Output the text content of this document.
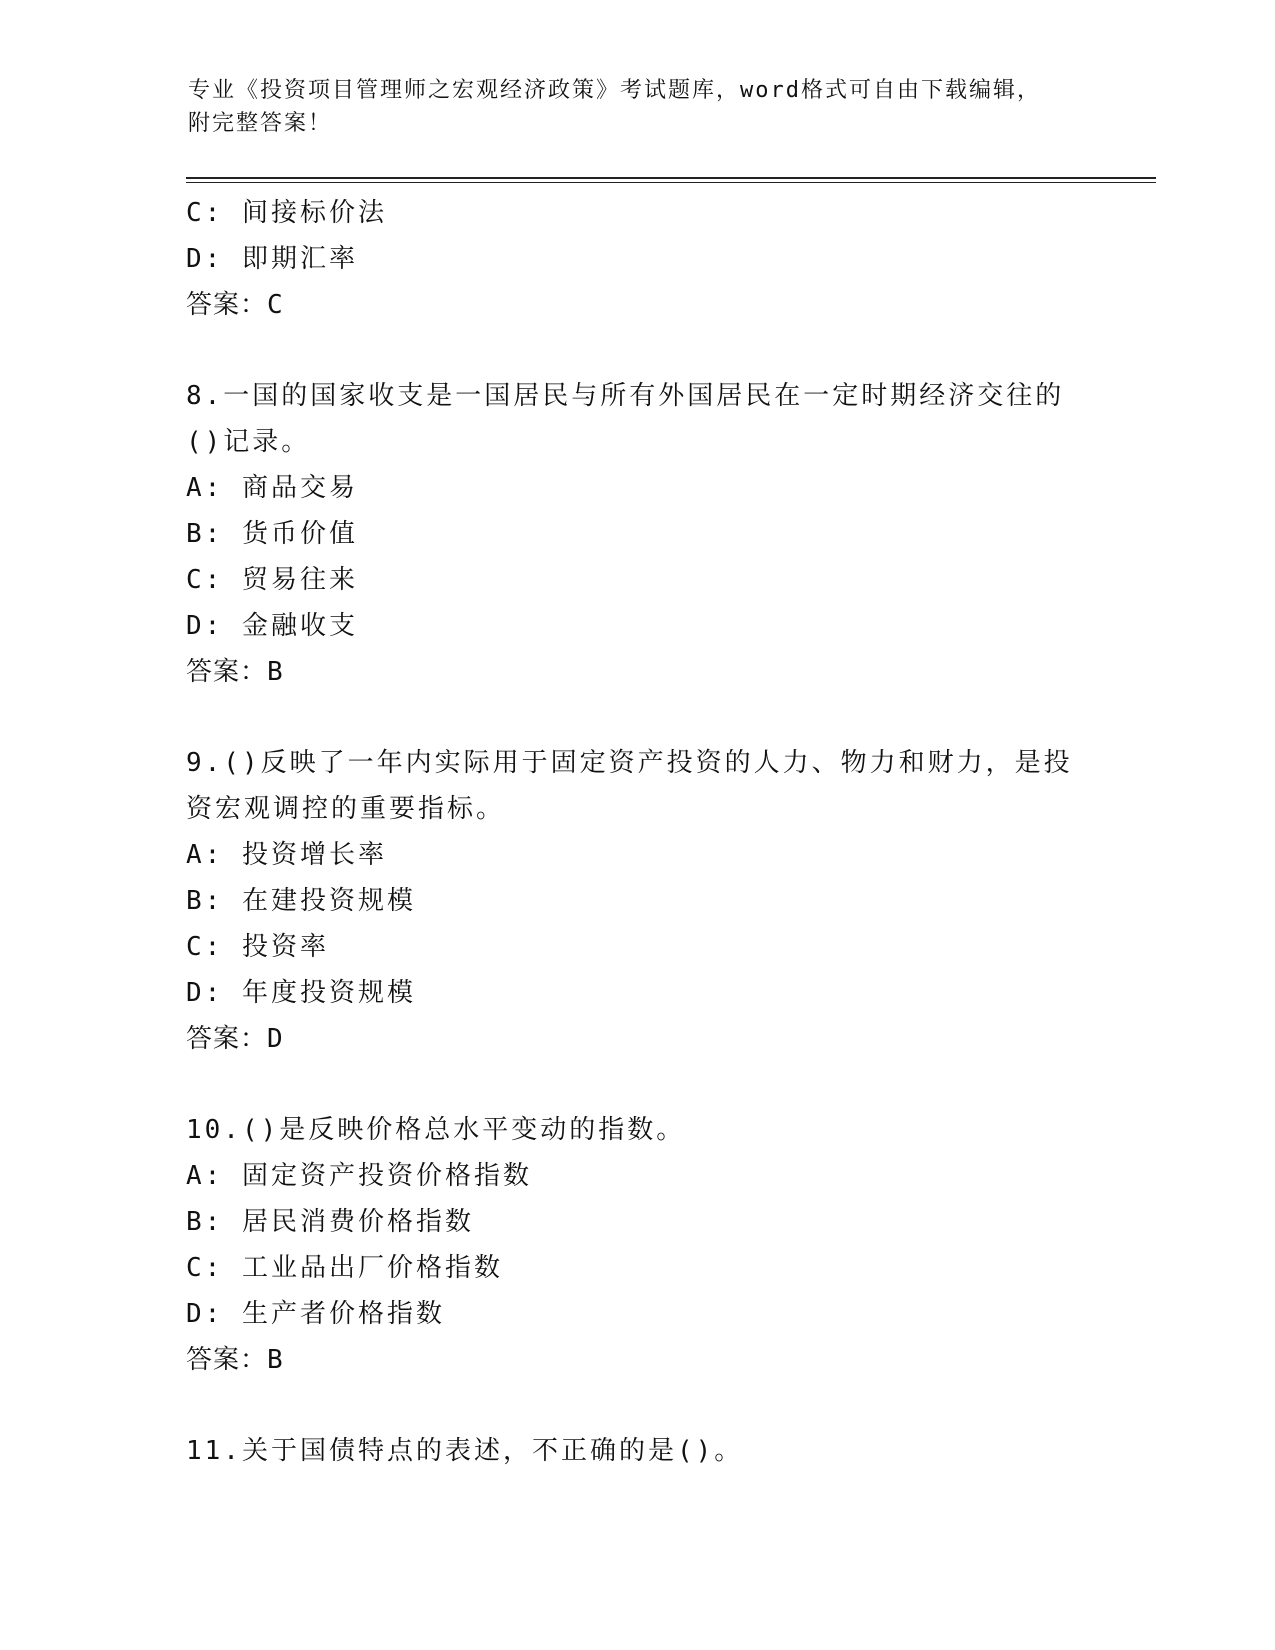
专业《投资项目管理师之宏观经济政策》考试题库，word格式可自由下载编辑，
附完整答案！
C: 间接标价法
D: 即期汇率
答案：C
8.一国的国家收支是一国居民与所有外国居民在一定时期经济交往的
()记录。
A: 商品交易
B: 货币价值
C: 贸易往来
D: 金融收支
答案：B
9.()反映了一年内实际用于固定资产投资的人力、物力和财力，是投
资宏观调控的重要指标。
A: 投资增长率
B: 在建投资规模
C: 投资率
D: 年度投资规模
答案：D
10.()是反映价格总水平变动的指数。
A: 固定资产投资价格指数
B: 居民消费价格指数
C: 工业品出厂价格指数
D: 生产者价格指数
答案：B
11.关于国债特点的表述，不正确的是()。
